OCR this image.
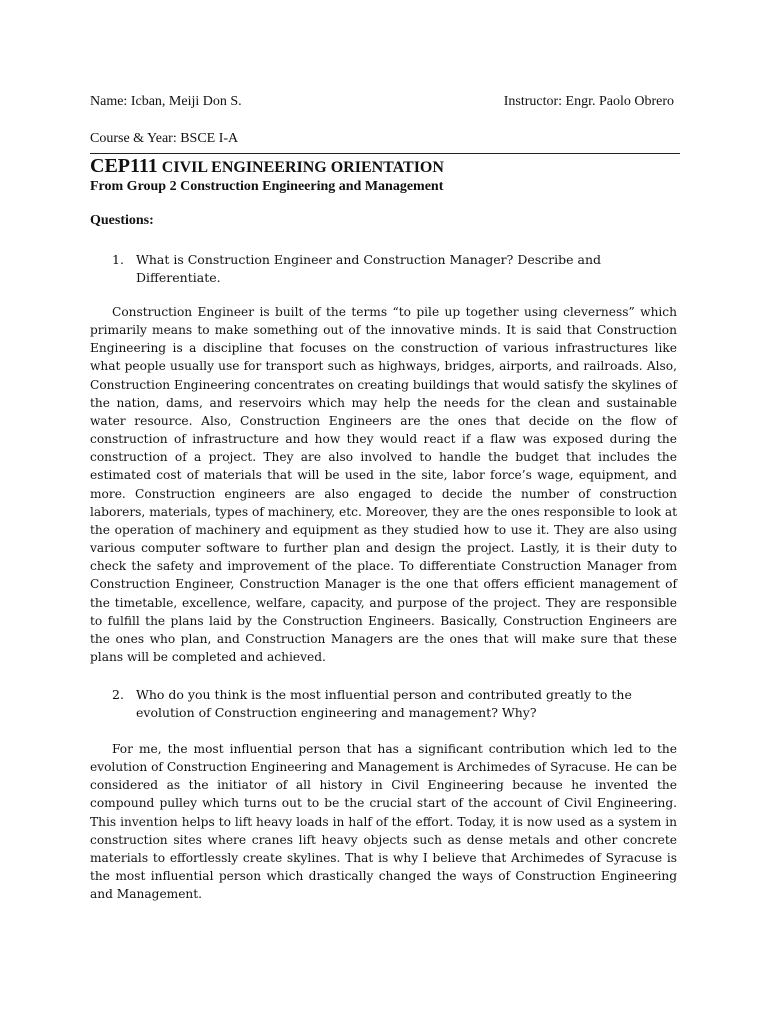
Name: Icban, Meiji Don S.	Instructor: Engr. Paolo Obrero
Course & Year: BSCE I-A
CEP111 CIVIL ENGINEERING ORIENTATION
From Group 2 Construction Engineering and Management
Questions:
1. What is Construction Engineer and Construction Manager? Describe and Differentiate.

Construction Engineer is built of the terms “to pile up together using cleverness” which primarily means to make something out of the innovative minds. It is said that Construction Engineering is a discipline that focuses on the construction of various infrastructures like what people usually use for transport such as highways, bridges, airports, and railroads. Also, Construction Engineering concentrates on creating buildings that would satisfy the skylines of the nation, dams, and reservoirs which may help the needs for the clean and sustainable water resource. Also, Construction Engineers are the ones that decide on the flow of construction of infrastructure and how they would react if a flaw was exposed during the construction of a project. They are also involved to handle the budget that includes the estimated cost of materials that will be used in the site, labor force’s wage, equipment, and more. Construction engineers are also engaged to decide the number of construction laborers, materials, types of machinery, etc. Moreover, they are the ones responsible to look at the operation of machinery and equipment as they studied how to use it. They are also using various computer software to further plan and design the project. Lastly, it is their duty to check the safety and improvement of the place. To differentiate Construction Manager from Construction Engineer, Construction Manager is the one that offers efficient management of the timetable, excellence, welfare, capacity, and purpose of the project. They are responsible to fulfill the plans laid by the Construction Engineers. Basically, Construction Engineers are the ones who plan, and Construction Managers are the ones that will make sure that these plans will be completed and achieved.

2. Who do you think is the most influential person and contributed greatly to the evolution of Construction engineering and management? Why?

For me, the most influential person that has a significant contribution which led to the evolution of Construction Engineering and Management is Archimedes of Syracuse. He can be considered as the initiator of all history in Civil Engineering because he invented the compound pulley which turns out to be the crucial start of the account of Civil Engineering. This invention helps to lift heavy loads in half of the effort. Today, it is now used as a system in construction sites where cranes lift heavy objects such as dense metals and other concrete materials to effortlessly create skylines. That is why I believe that Archimedes of Syracuse is the most influential person which drastically changed the ways of Construction Engineering and Management.
